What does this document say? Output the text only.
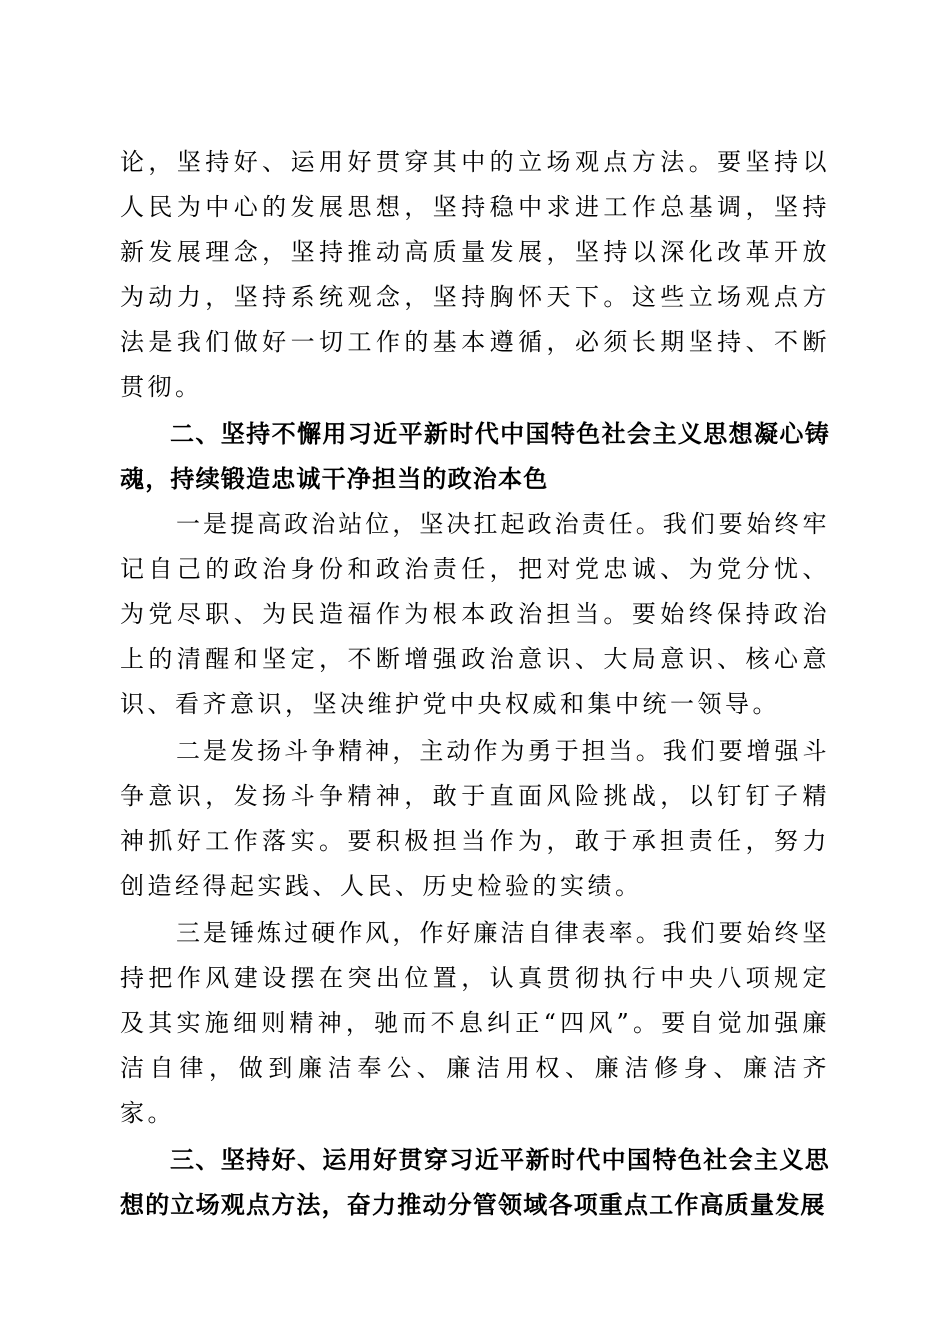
论，坚持好、运用好贯穿其中的立场观点方法。要坚持以人民为中心的发展思想，坚持稳中求进工作总基调，坚持新发展理念，坚持推动高质量发展，坚持以深化改革开放为动力，坚持系统观念，坚持胸怀天下。这些立场观点方法是我们做好一切工作的基本遵循，必须长期坚持、不断贯彻。

二、坚持不懈用习近平新时代中国特色社会主义思想凝心铸魂，持续锻造忠诚干净担当的政治本色

一是提高政治站位，坚决扛起政治责任。我们要始终牢记自己的政治身份和政治责任，把对党忠诚、为党分忧、为党尽职、为民造福作为根本政治担当。要始终保持政治上的清醒和坚定，不断增强政治意识、大局意识、核心意识、看齐意识，坚决维护党中央权威和集中统一领导。

二是发扬斗争精神，主动作为勇于担当。我们要增强斗争意识，发扬斗争精神，敢于直面风险挑战，以钉钉子精神抓好工作落实。要积极担当作为，敢于承担责任，努力创造经得起实践、人民、历史检验的实绩。

三是锤炼过硬作风，作好廉洁自律表率。我们要始终坚持把作风建设摆在突出位置，认真贯彻执行中央八项规定及其实施细则精神，驰而不息纠正“四风”。要自觉加强廉洁自律，做到廉洁奉公、廉洁用权、廉洁修身、廉洁齐家。

三、坚持好、运用好贯穿习近平新时代中国特色社会主义思想的立场观点方法，奋力推动分管领域各项重点工作高质量发展
